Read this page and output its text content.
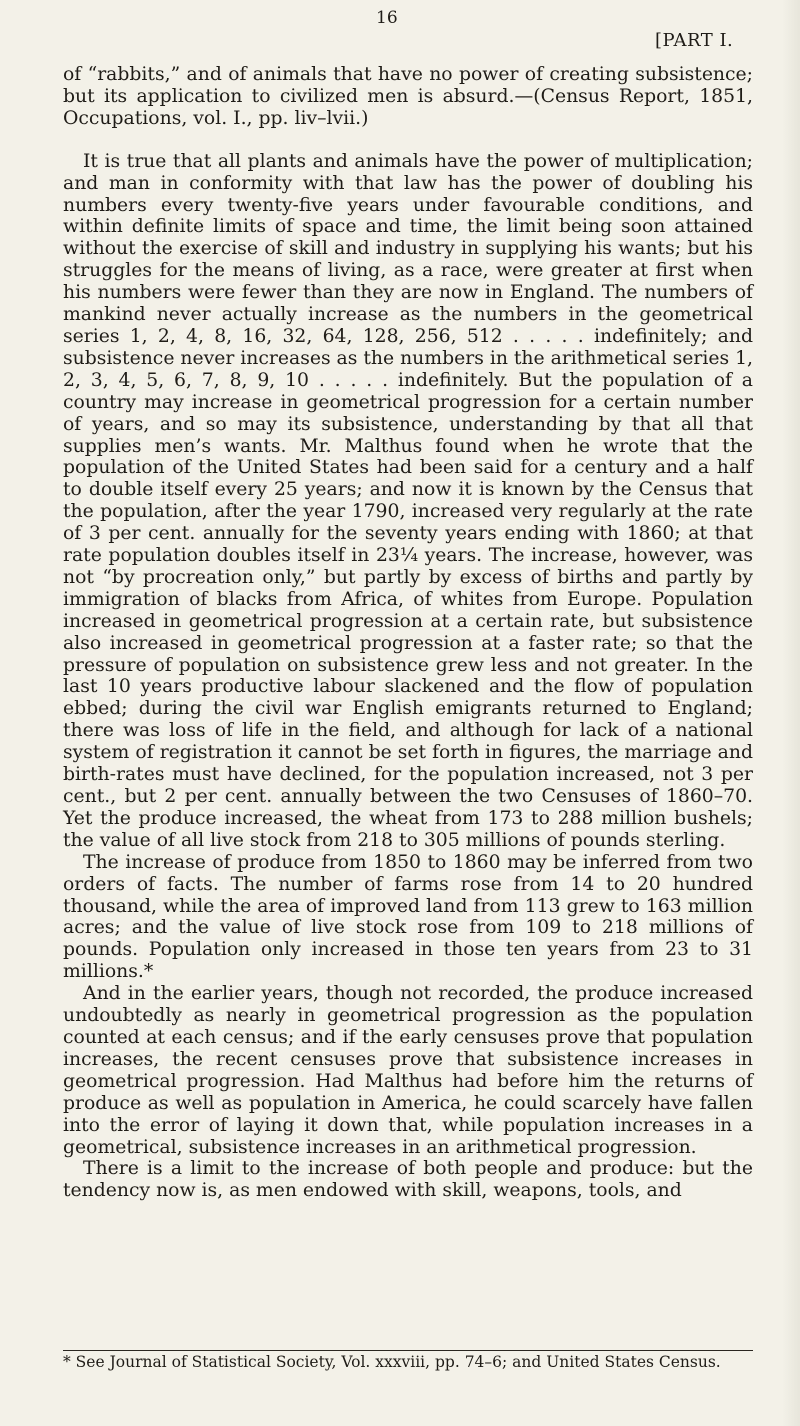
16
[PART I.

of “rabbits,” and of animals that have no power of creating subsistence; but its application to civilized men is absurd.—(Census Report, 1851, Occupations, vol. I., pp. liv–lvii.)

It is true that all plants and animals have the power of multiplication; and man in conformity with that law has the power of doubling his numbers every twenty-five years under favourable conditions, and within definite limits of space and time, the limit being soon attained without the exercise of skill and industry in supplying his wants; but his struggles for the means of living, as a race, were greater at first when his numbers were fewer than they are now in England. The numbers of mankind never actually increase as the numbers in the geometrical series 1, 2, 4, 8, 16, 32, 64, 128, 256, 512 . . . . . indefinitely; and subsistence never increases as the numbers in the arithmetical series 1, 2, 3, 4, 5, 6, 7, 8, 9, 10 . . . . . indefinitely. But the population of a country may increase in geometrical progression for a certain number of years, and so may its subsistence, understanding by that all that supplies men’s wants. Mr. Malthus found when he wrote that the population of the United States had been said for a century and a half to double itself every 25 years; and now it is known by the Census that the population, after the year 1790, increased very regularly at the rate of 3 per cent. annually for the seventy years ending with 1860; at that rate population doubles itself in 23¼ years. The increase, however, was not “by procreation only,” but partly by excess of births and partly by immigration of blacks from Africa, of whites from Europe. Population increased in geometrical progression at a certain rate, but subsistence also increased in geometrical progression at a faster rate; so that the pressure of population on subsistence grew less and not greater. In the last 10 years productive labour slackened and the flow of population ebbed; during the civil war English emigrants returned to England; there was loss of life in the field, and although for lack of a national system of registration it cannot be set forth in figures, the marriage and birth-rates must have declined, for the population increased, not 3 per cent., but 2 per cent. annually between the two Censuses of 1860–70. Yet the produce increased, the wheat from 173 to 288 million bushels; the value of all live stock from 218 to 305 millions of pounds sterling.

The increase of produce from 1850 to 1860 may be inferred from two orders of facts. The number of farms rose from 14 to 20 hundred thousand, while the area of improved land from 113 grew to 163 million acres; and the value of live stock rose from 109 to 218 millions of pounds. Population only increased in those ten years from 23 to 31 millions.*

And in the earlier years, though not recorded, the produce increased undoubtedly as nearly in geometrical progression as the population counted at each census; and if the early censuses prove that population increases, the recent censuses prove that subsistence increases in geometrical progression. Had Malthus had before him the returns of produce as well as population in America, he could scarcely have fallen into the error of laying it down that, while population increases in a geometrical, subsistence increases in an arithmetical progression.

There is a limit to the increase of both people and produce: but the tendency now is, as men endowed with skill, weapons, tools, and

* See Journal of Statistical Society, Vol. xxxviii, pp. 74–6; and United States Census.
